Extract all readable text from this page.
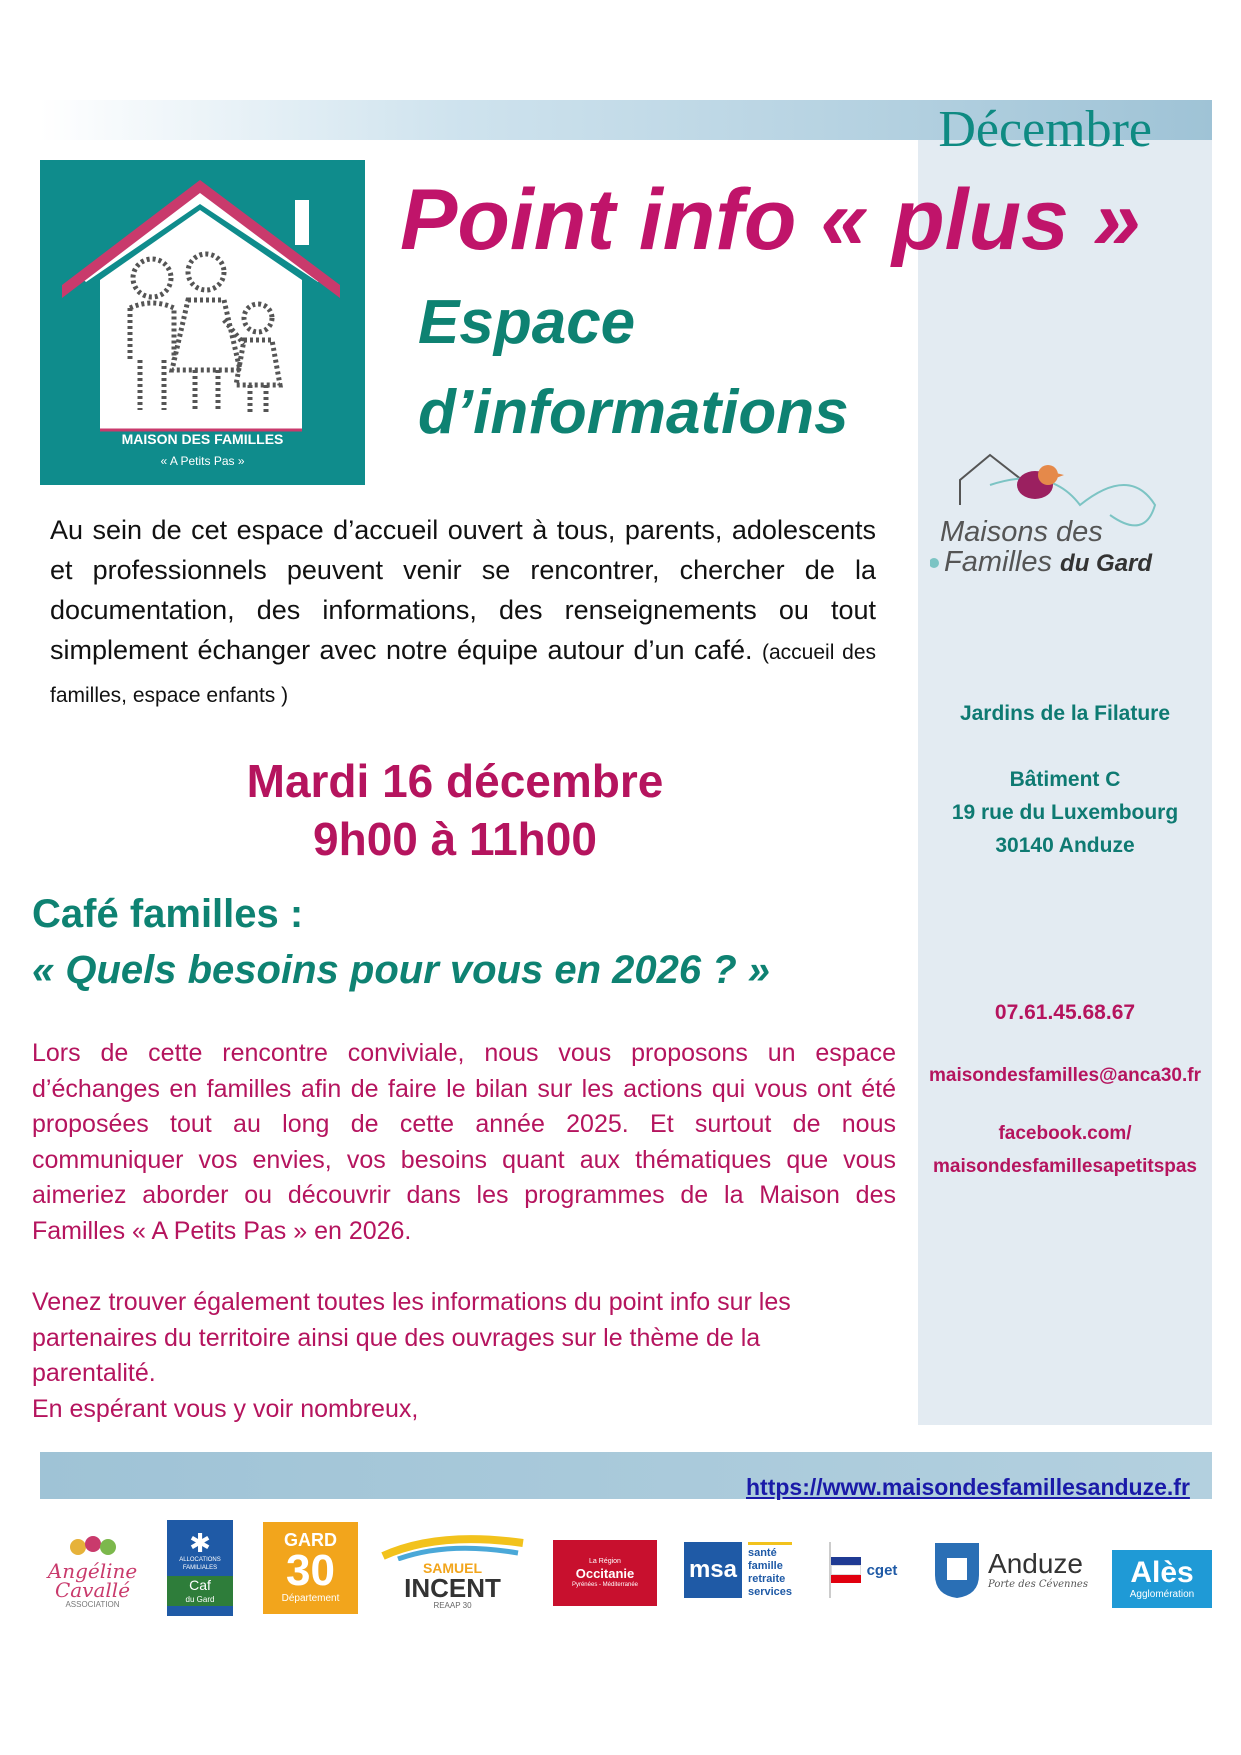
Décembre
MAISON DES FAMILLES
« A Petits Pas »
Point info « plus »
Espace
d’informations
Au sein de cet espace d’accueil ouvert à tous, parents, adolescents et professionnels peuvent venir se rencontrer, chercher de la documentation, des informations, des renseignements ou tout simplement échanger avec notre équipe autour d’un café. (accueil des familles, espace enfants )
Mardi 16 décembre
9h00 à 11h00
Café familles :
« Quels besoins pour vous en 2026 ? »
Lors de cette rencontre conviviale, nous vous proposons un espace d’échanges en familles afin de faire le bilan sur les actions qui vous ont été proposées tout au long de cette année 2025. Et surtout de nous communiquer vos envies, vos besoins quant aux thématiques que vous aimeriez aborder ou découvrir dans les programmes de la Maison des Familles « A Petits Pas » en 2026.
Venez trouver également toutes les informations du point info sur les
partenaires du territoire ainsi que des ouvrages sur le thème de la
parentalité.
En espérant vous y voir nombreux,
Maisons des
Familles du Gard
Jardins de la Filature
Bâtiment C
19 rue du Luxembourg
30140 Anduze
07.61.45.68.67
maisondesfamilles@anca30.fr
facebook.com/
maisondesfamillesapetitspas
https://www.maisondesfamillesanduze.fr
Angéline
Cavallé
ASSOCIATION
✱
ALLOCATIONS FAMILIALES
Caf
du Gard
GARD
30
Département
SAMUEL
INCENT
REAAP 30
La Région
Occitanie
Pyrénées - Méditerranée
msa
santé
famille
retraite
services
cget	Anduze
Porte des Cévennes Alès
Agglomération
